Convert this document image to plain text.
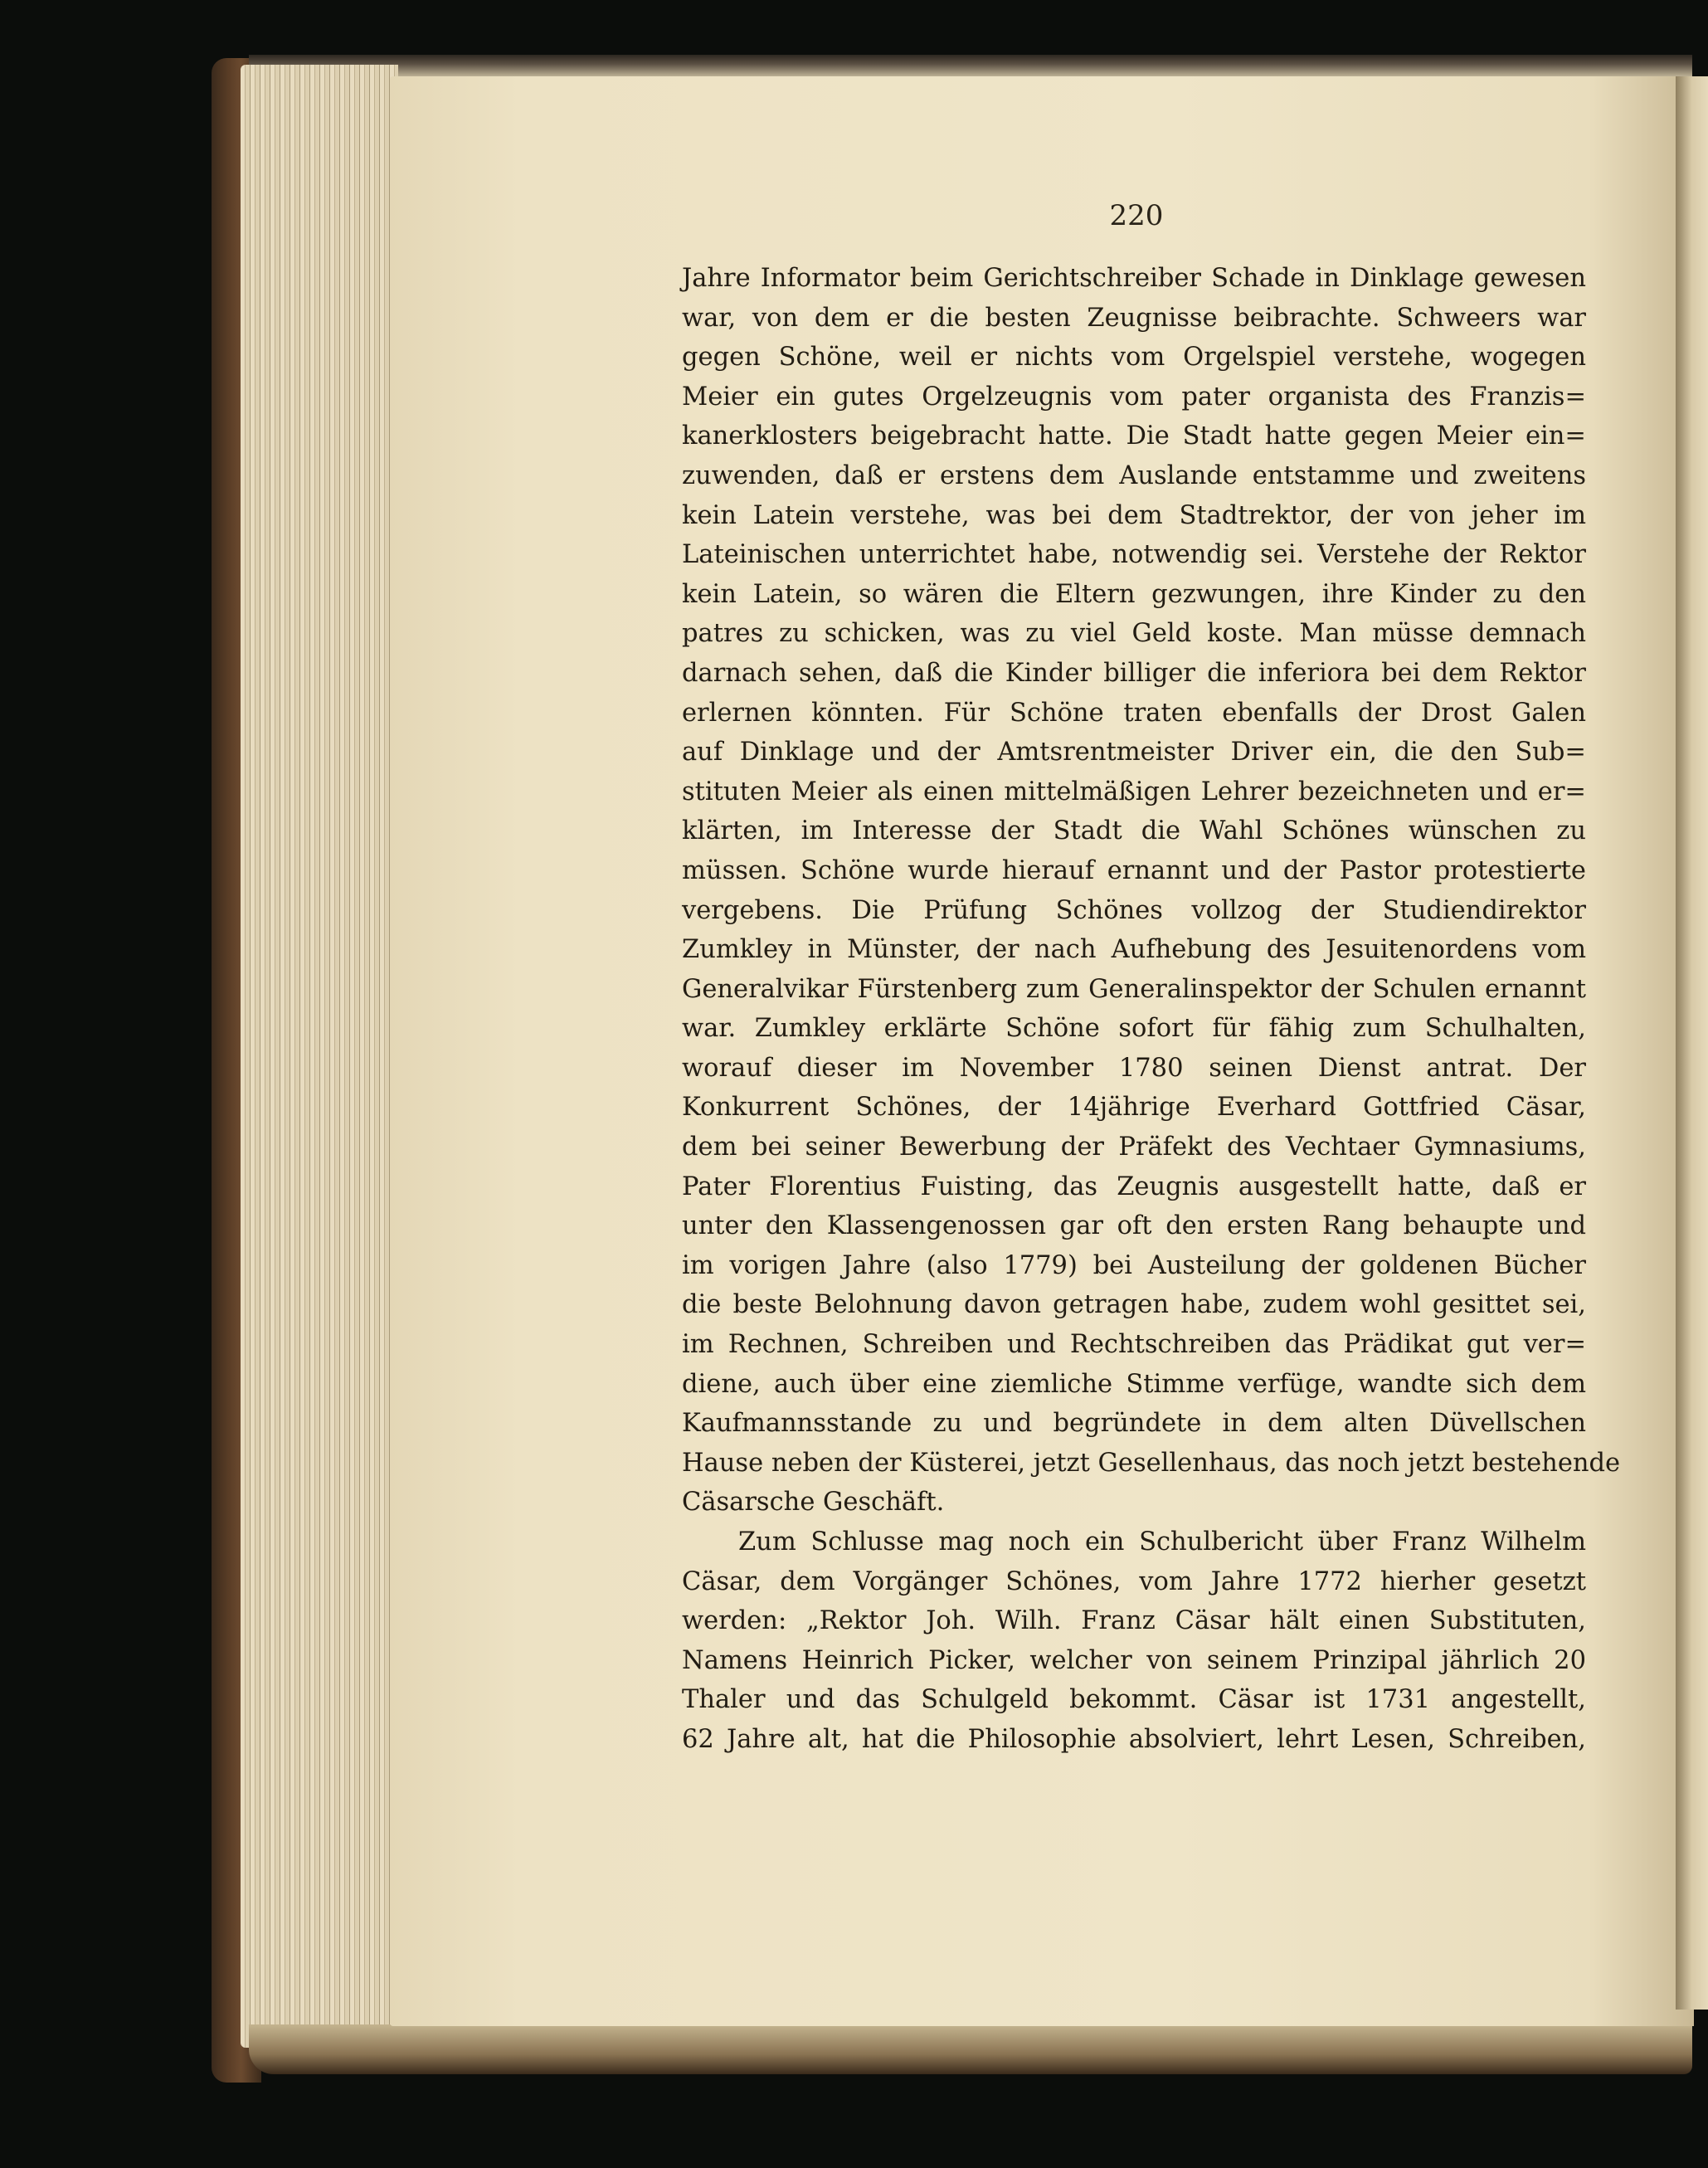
220
Jahre Informator beim Gerichtschreiber Schade in Dinklage gewesen
war, von dem er die besten Zeugnisse beibrachte. Schweers war
gegen Schöne, weil er nichts vom Orgelspiel verstehe, wogegen
Meier ein gutes Orgelzeugnis vom pater organista des Franzis=
kanerklosters beigebracht hatte. Die Stadt hatte gegen Meier ein=
zuwenden, daß er erstens dem Auslande entstamme und zweitens
kein Latein verstehe, was bei dem Stadtrektor, der von jeher im
Lateinischen unterrichtet habe, notwendig sei. Verstehe der Rektor
kein Latein, so wären die Eltern gezwungen, ihre Kinder zu den
patres zu schicken, was zu viel Geld koste. Man müsse demnach
darnach sehen, daß die Kinder billiger die inferiora bei dem Rektor
erlernen könnten. Für Schöne traten ebenfalls der Drost Galen
auf Dinklage und der Amtsrentmeister Driver ein, die den Sub=
stituten Meier als einen mittelmäßigen Lehrer bezeichneten und er=
klärten, im Interesse der Stadt die Wahl Schönes wünschen zu
müssen. Schöne wurde hierauf ernannt und der Pastor protestierte
vergebens. Die Prüfung Schönes vollzog der Studiendirektor
Zumkley in Münster, der nach Aufhebung des Jesuitenordens vom
Generalvikar Fürstenberg zum Generalinspektor der Schulen ernannt
war. Zumkley erklärte Schöne sofort für fähig zum Schulhalten,
worauf dieser im November 1780 seinen Dienst antrat. Der
Konkurrent Schönes, der 14jährige Everhard Gottfried Cäsar,
dem bei seiner Bewerbung der Präfekt des Vechtaer Gymnasiums,
Pater Florentius Fuisting, das Zeugnis ausgestellt hatte, daß er
unter den Klassengenossen gar oft den ersten Rang behaupte und
im vorigen Jahre (also 1779) bei Austeilung der goldenen Bücher
die beste Belohnung davon getragen habe, zudem wohl gesittet sei,
im Rechnen, Schreiben und Rechtschreiben das Prädikat gut ver=
diene, auch über eine ziemliche Stimme verfüge, wandte sich dem
Kaufmannsstande zu und begründete in dem alten Düvellschen
Hause neben der Küsterei, jetzt Gesellenhaus, das noch jetzt bestehende
Cäsarsche Geschäft.
Zum Schlusse mag noch ein Schulbericht über Franz Wilhelm
Cäsar, dem Vorgänger Schönes, vom Jahre 1772 hierher gesetzt
werden: „Rektor Joh. Wilh. Franz Cäsar hält einen Substituten,
Namens Heinrich Picker, welcher von seinem Prinzipal jährlich 20
Thaler und das Schulgeld bekommt. Cäsar ist 1731 angestellt,
62 Jahre alt, hat die Philosophie absolviert, lehrt Lesen, Schreiben,
